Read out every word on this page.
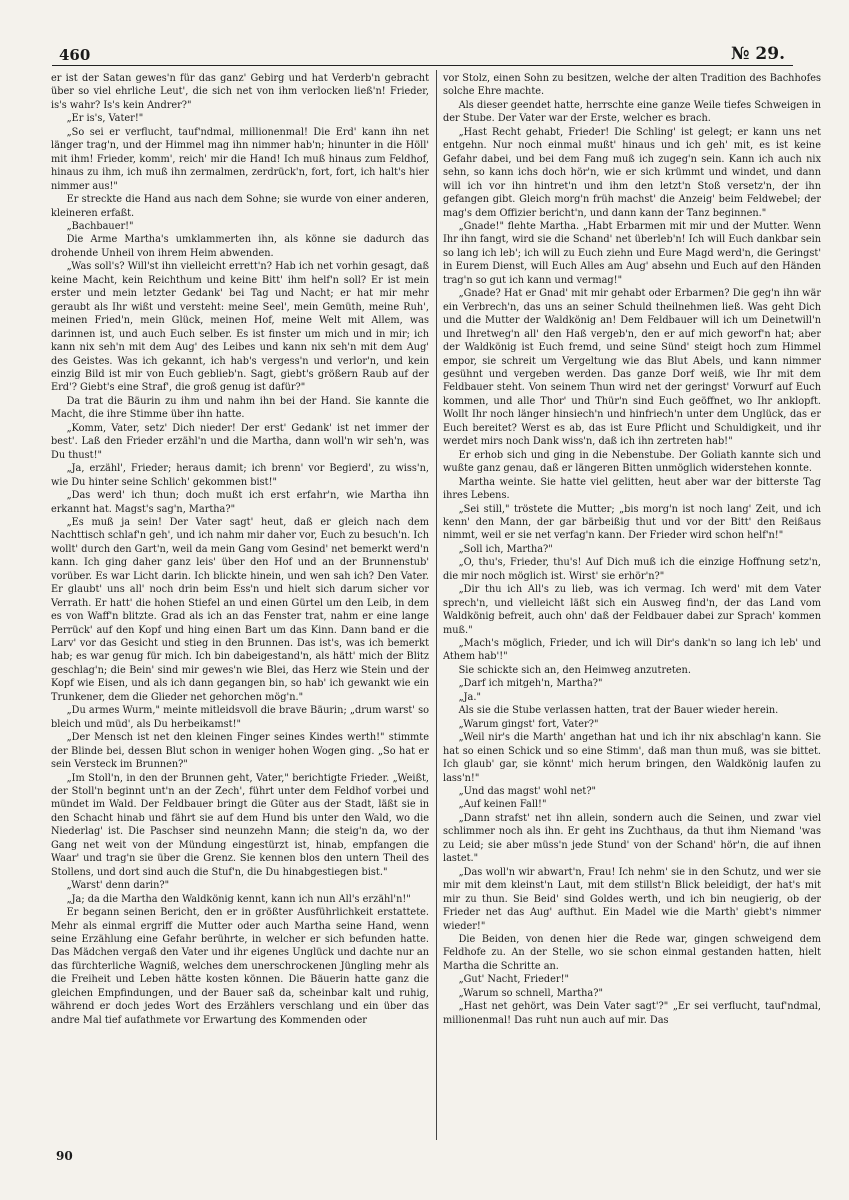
460	№ 29.

er ist der Satan gewes'n für das ganz' Gebirg und hat Verderb'n gebracht über so viel ehrliche Leut', die sich net von ihm verlocken ließ'n! Frieder, is's wahr? Is's kein Andrer?"

„Er is's, Vater!"

„So sei er verflucht, tauf'ndmal, millionenmal! Die Erd' kann ihn net länger trag'n, und der Himmel mag ihn nimmer hab'n; hinunter in die Höll' mit ihm! Frieder, komm', reich' mir die Hand! Ich muß hinaus zum Feldhof, hinaus zu ihm, ich muß ihn zermalmen, zerdrück'n, fort, fort, ich halt's hier nimmer aus!"

Er streckte die Hand aus nach dem Sohne; sie wurde von einer anderen, kleineren erfaßt.

„Bachbauer!"

Die Arme Martha's umklammerten ihn, als könne sie dadurch das drohende Unheil von ihrem Heim abwenden.

„Was soll's? Will'st ihn vielleicht errett'n? Hab ich net vorhin gesagt, daß keine Macht, kein Reichthum und keine Bitt' ihm helf'n soll? Er ist mein erster und mein letzter Gedank' bei Tag und Nacht; er hat mir mehr geraubt als Ihr wißt und versteht: meine Seel', mein Gemüth, meine Ruh', meinen Fried'n, mein Glück, meinen Hof, meine Welt mit Allem, was darinnen ist, und auch Euch selber. Es ist finster um mich und in mir; ich kann nix seh'n mit dem Aug' des Leibes und kann nix seh'n mit dem Aug' des Geistes. Was ich gekannt, ich hab's vergess'n und verlor'n, und kein einzig Bild ist mir von Euch geblieb'n. Sagt, giebt's größern Raub auf der Erd'? Giebt's eine Straf', die groß genug ist dafür?"

Da trat die Bäurin zu ihm und nahm ihn bei der Hand. Sie kannte die Macht, die ihre Stimme über ihn hatte.

„Komm, Vater, setz' Dich nieder! Der erst' Gedank' ist net immer der best'. Laß den Frieder erzähl'n und die Martha, dann woll'n wir seh'n, was Du thust!"

„Ja, erzähl', Frieder; heraus damit; ich brenn' vor Begierd', zu wiss'n, wie Du hinter seine Schlich' gekommen bist!"

„Das werd' ich thun; doch mußt ich erst erfahr'n, wie Martha ihn erkannt hat. Magst's sag'n, Martha?"

„Es muß ja sein! Der Vater sagt' heut, daß er gleich nach dem Nachttisch schlaf'n geh', und ich nahm mir daher vor, Euch zu besuch'n. Ich wollt' durch den Gart'n, weil da mein Gang vom Gesind' net bemerkt werd'n kann. Ich ging daher ganz leis' über den Hof und an der Brunnenstub' vorüber. Es war Licht darin. Ich blickte hinein, und wen sah ich? Den Vater. Er glaubt' uns all' noch drin beim Ess'n und hielt sich darum sicher vor Verrath. Er hatt' die hohen Stiefel an und einen Gürtel um den Leib, in dem es von Waff'n blitzte. Grad als ich an das Fenster trat, nahm er eine lange Perrück' auf den Kopf und hing einen Bart um das Kinn. Dann band er die Larv' vor das Gesicht und stieg in den Brunnen. Das ist's, was ich bemerkt hab; es war genug für mich. Ich bin dabeigestand'n, als hätt' mich der Blitz geschlag'n; die Bein' sind mir gewes'n wie Blei, das Herz wie Stein und der Kopf wie Eisen, und als ich dann gegangen bin, so hab' ich gewankt wie ein Trunkener, dem die Glieder net gehorchen mög'n."

„Du armes Wurm," meinte mitleidsvoll die brave Bäurin; „drum warst' so bleich und müd', als Du herbeikamst!"

„Der Mensch ist net den kleinen Finger seines Kindes werth!" stimmte der Blinde bei, dessen Blut schon in weniger hohen Wogen ging. „So hat er sein Versteck im Brunnen?"

„Im Stoll'n, in den der Brunnen geht, Vater," berichtigte Frieder. „Weißt, der Stoll'n beginnt unt'n an der Zech', führt unter dem Feldhof vorbei und mündet im Wald. Der Feldbauer bringt die Güter aus der Stadt, läßt sie in den Schacht hinab und fährt sie auf dem Hund bis unter den Wald, wo die Niederlag' ist. Die Paschser sind neunzehn Mann; die steig'n da, wo der Gang net weit von der Mündung eingestürzt ist, hinab, empfangen die Waar' und trag'n sie über die Grenz. Sie kennen blos den untern Theil des Stollens, und dort sind auch die Stuf'n, die Du hinabgestiegen bist."

„Warst' denn darin?"

„Ja; da die Martha den Waldkönig kennt, kann ich nun All's erzähl'n!"

Er begann seinen Bericht, den er in größter Ausführlichkeit erstattete. Mehr als einmal ergriff die Mutter oder auch Martha seine Hand, wenn seine Erzählung eine Gefahr berührte, in welcher er sich befunden hatte. Das Mädchen vergaß den Vater und ihr eigenes Unglück und dachte nur an das fürchterliche Wagniß, welches dem unerschrockenen Jüngling mehr als die Freiheit und Leben hätte kosten können. Die Bäuerin hatte ganz die gleichen Empfindungen, und der Bauer saß da, scheinbar kalt und ruhig, während er doch jedes Wort des Erzählers verschlang und ein über das andre Mal tief aufathmete vor Erwartung des Kommenden oder

vor Stolz, einen Sohn zu besitzen, welche der alten Tradition des Bachhofes solche Ehre machte.

Als dieser geendet hatte, herrschte eine ganze Weile tiefes Schweigen in der Stube. Der Vater war der Erste, welcher es brach.

„Hast Recht gehabt, Frieder! Die Schling' ist gelegt; er kann uns net entgehn. Nur noch einmal mußt' hinaus und ich geh' mit, es ist keine Gefahr dabei, und bei dem Fang muß ich zugeg'n sein. Kann ich auch nix sehn, so kann ichs doch hör'n, wie er sich krümmt und windet, und dann will ich vor ihn hintret'n und ihm den letzt'n Stoß versetz'n, der ihn gefangen gibt. Gleich morg'n früh machst' die Anzeig' beim Feldwebel; der mag's dem Offizier bericht'n, und dann kann der Tanz beginnen."

„Gnade!" flehte Martha. „Habt Erbarmen mit mir und der Mutter. Wenn Ihr ihn fangt, wird sie die Schand' net überleb'n! Ich will Euch dankbar sein so lang ich leb'; ich will zu Euch ziehn und Eure Magd werd'n, die Geringst' in Eurem Dienst, will Euch Alles am Aug' absehn und Euch auf den Händen trag'n so gut ich kann und vermag!"

„Gnade? Hat er Gnad' mit mir gehabt oder Erbarmen? Die geg'n ihn wär ein Verbrech'n, das uns an seiner Schuld theilnehmen ließ. Was geht Dich und die Mutter der Waldkönig an! Dem Feldbauer will ich um Deinetwill'n und Ihretweg'n all' den Haß vergeb'n, den er auf mich geworf'n hat; aber der Waldkönig ist Euch fremd, und seine Sünd' steigt hoch zum Himmel empor, sie schreit um Vergeltung wie das Blut Abels, und kann nimmer gesühnt und vergeben werden. Das ganze Dorf weiß, wie Ihr mit dem Feldbauer steht. Von seinem Thun wird net der geringst' Vorwurf auf Euch kommen, und alle Thor' und Thür'n sind Euch geöffnet, wo Ihr anklopft. Wollt Ihr noch länger hinsiech'n und hinfriech'n unter dem Unglück, das er Euch bereitet? Werst es ab, das ist Eure Pflicht und Schuldigkeit, und ihr werdet mirs noch Dank wiss'n, daß ich ihn zertreten hab!"

Er erhob sich und ging in die Nebenstube. Der Goliath kannte sich und wußte ganz genau, daß er längeren Bitten unmöglich widerstehen konnte.

Martha weinte. Sie hatte viel gelitten, heut aber war der bitterste Tag ihres Lebens.

„Sei still," tröstete die Mutter; „bis morg'n ist noch lang' Zeit, und ich kenn' den Mann, der gar bärbeißig thut und vor der Bitt' den Reißaus nimmt, weil er sie net verfag'n kann. Der Frieder wird schon helf'n!"

„Soll ich, Martha?"

„O, thu's, Frieder, thu's! Auf Dich muß ich die einzige Hoffnung setz'n, die mir noch möglich ist. Wirst' sie erhör'n?"

„Dir thu ich All's zu lieb, was ich vermag. Ich werd' mit dem Vater sprech'n, und vielleicht läßt sich ein Ausweg find'n, der das Land vom Waldkönig befreit, auch ohn' daß der Feldbauer dabei zur Sprach' kommen muß."

„Mach's möglich, Frieder, und ich will Dir's dank'n so lang ich leb' und Athem hab'!"

Sie schickte sich an, den Heimweg anzutreten.

„Darf ich mitgeh'n, Martha?"

„Ja."

Als sie die Stube verlassen hatten, trat der Bauer wieder herein.

„Warum gingst' fort, Vater?"

„Weil nir's die Marth' angethan hat und ich ihr nix abschlag'n kann. Sie hat so einen Schick und so eine Stimm', daß man thun muß, was sie bittet. Ich glaub' gar, sie könnt' mich herum bringen, den Waldkönig laufen zu lass'n!"

„Und das magst' wohl net?"

„Auf keinen Fall!"

„Dann strafst' net ihn allein, sondern auch die Seinen, und zwar viel schlimmer noch als ihn. Er geht ins Zuchthaus, da thut ihm Niemand 'was zu Leid; sie aber müss'n jede Stund' von der Schand' hör'n, die auf ihnen lastet."

„Das woll'n wir abwart'n, Frau! Ich nehm' sie in den Schutz, und wer sie mir mit dem kleinst'n Laut, mit dem stillst'n Blick beleidigt, der hat's mit mir zu thun. Sie Beid' sind Goldes werth, und ich bin neugierig, ob der Frieder net das Aug' aufthut. Ein Madel wie die Marth' giebt's nimmer wieder!"

Die Beiden, von denen hier die Rede war, gingen schweigend dem Feldhofe zu. An der Stelle, wo sie schon einmal gestanden hatten, hielt Martha die Schritte an.

„Gut' Nacht, Frieder!"

„Warum so schnell, Martha?"

„Hast net gehört, was Dein Vater sagt'?" „Er sei verflucht, tauf'ndmal, millionenmal! Das ruht nun auch auf mir. Das

90
